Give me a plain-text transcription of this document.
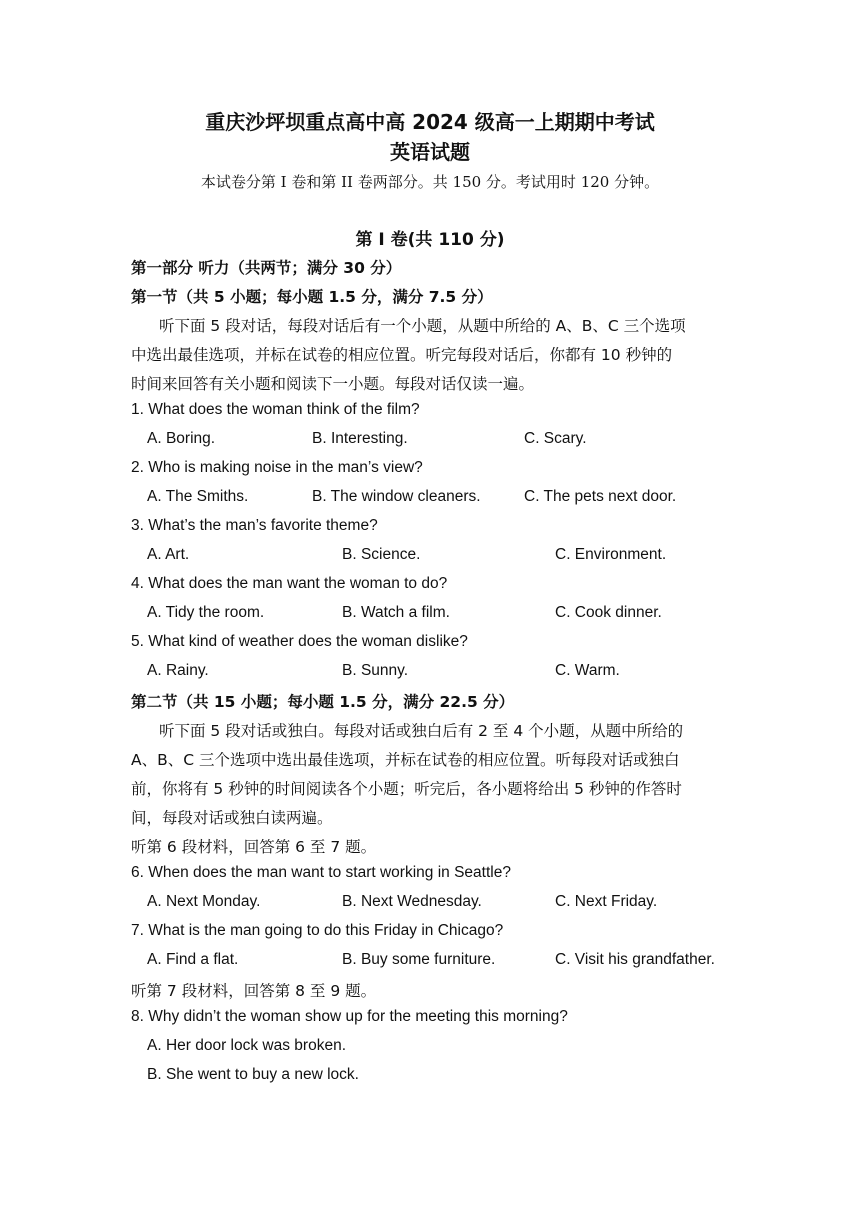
重庆沙坪坝重点高中高 2024 级高一上期期中考试
英语试题
本试卷分第 I 卷和第 II 卷两部分。共 150 分。考试用时 120 分钟。
第 I 卷(共 110 分)
第一部分 听力（共两节；满分 30 分）
第一节（共 5 小题；每小题 1.5 分，满分 7.5 分）
听下面 5 段对话，每段对话后有一个小题，从题中所给的 A、B、C 三个选项
中选出最佳选项，并标在试卷的相应位置。听完每段对话后，你都有 10 秒钟的
时间来回答有关小题和阅读下一小题。每段对话仅读一遍。
1. What does the woman think of the film?
A. Boring.	B. Interesting.	C. Scary.
2. Who is making noise in the man’s view?
A. The Smiths.	B. The window cleaners.	C. The pets next door.
3. What’s the man’s favorite theme?
A. Art.	B. Science.	C. Environment.
4. What does the man want the woman to do?
A. Tidy the room.	B. Watch a film.	C. Cook dinner.
5. What kind of weather does the woman dislike?
A. Rainy.	B. Sunny.	C. Warm.
第二节（共 15 小题；每小题 1.5 分，满分 22.5 分）
听下面 5 段对话或独白。每段对话或独白后有 2 至 4 个小题，从题中所给的
A、B、C 三个选项中选出最佳选项，并标在试卷的相应位置。听每段对话或独白
前，你将有 5 秒钟的时间阅读各个小题；听完后，各小题将给出 5 秒钟的作答时
间，每段对话或独白读两遍。
听第 6 段材料，回答第 6 至 7 题。
6. When does the man want to start working in Seattle?
A. Next Monday.	B. Next Wednesday.	C. Next Friday.
7. What is the man going to do this Friday in Chicago?
A. Find a flat.	B. Buy some furniture.	C. Visit his grandfather.
听第 7 段材料，回答第 8 至 9 题。
8. Why didn’t the woman show up for the meeting this morning?
A. Her door lock was broken.
B. She went to buy a new lock.
